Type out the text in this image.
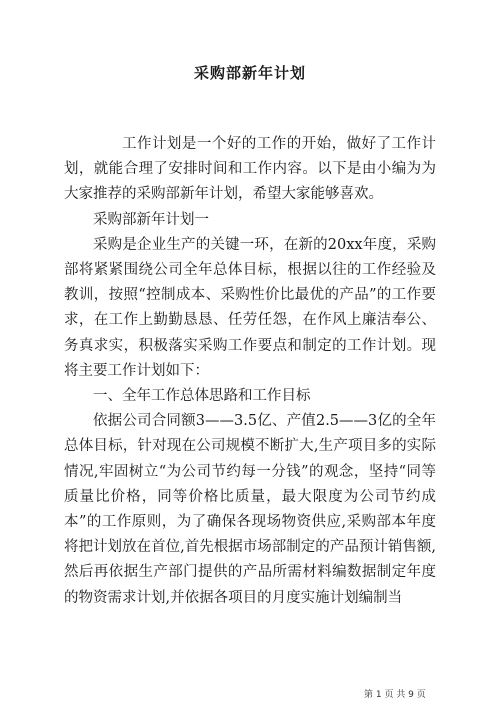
采购部新年计划

工作计划是一个好的工作的开始，做好了工作计划，就能合理了安排时间和工作内容。以下是由小编为为大家推荐的采购部新年计划，希望大家能够喜欢。

采购部新年计划一

采购是企业生产的关键一环，在新的20xx年度，采购部将紧紧围绕公司全年总体目标，根据以往的工作经验及教训，按照“控制成本、采购性价比最优的产品”的工作要求，在工作上勤勤恳恳、任劳任怨，在作风上廉洁奉公、务真求实，积极落实采购工作要点和制定的工作计划。现将主要工作计划如下：

一、全年工作总体思路和工作目标

依据公司合同额3——3.5亿、产值2.5——3亿的全年总体目标，针对现在公司规模不断扩大,生产项目多的实际情况,牢固树立“为公司节约每一分钱”的观念，坚持“同等质量比价格，同等价格比质量，最大限度为公司节约成本”的工作原则，为了确保各现场物资供应,采购部本年度将把计划放在首位,首先根据市场部制定的产品预计销售额,然后再依据生产部门提供的产品所需材料编数据制定年度的物资需求计划,并依据各项目的月度实施计划编制当

第 1 页 共 9 页
